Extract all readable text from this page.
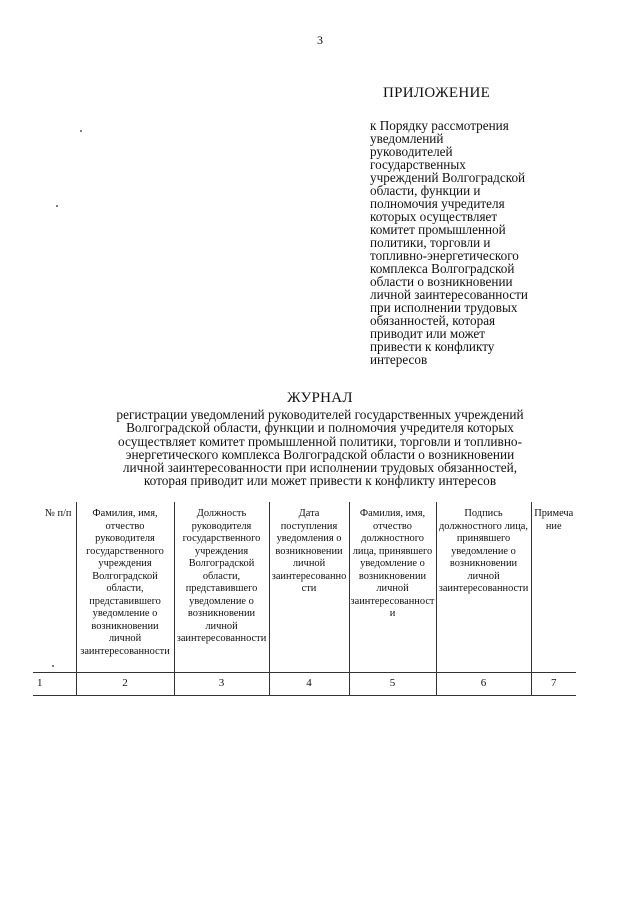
3
ПРИЛОЖЕНИЕ
к Порядку рассмотрения
уведомлений
руководителей
государственных
учреждений Волгоградской
области, функции и
полномочия учредителя
которых осуществляет
комитет промышленной
политики, торговли и
топливно-энергетического
комплекса Волгоградской
области о возникновении
личной заинтересованности
при исполнении трудовых
обязанностей, которая
приводит или может
привести к конфликту
интересов
ЖУРНАЛ
регистрации уведомлений руководителей государственных учреждений
Волгоградской области, функции и полномочия учредителя которых
осуществляет комитет промышленной политики, торговли и топливно-
энергетического комплекса Волгоградской области о возникновении
личной заинтересованности при исполнении трудовых обязанностей,
которая приводит или может привести к конфликту интересов
№ п/п	Фамилия, имя, отчество руководителя государственного учреждения Волгоградской области, представившего уведомление о возникновении личной заинтересованности	Должность руководителя государственного учреждения Волгоградской области, представившего уведомление о возникновении личной заинтересованности	Дата поступления уведомления о возникновении личной заинтересованности	Фамилия, имя, отчество должностного лица, принявшего уведомление о возникновении личной заинтересованности	Подпись должностного лица, принявшего уведомление о возникновении личной заинтересованности	Примечание
1	2	3	4	5	6	7
